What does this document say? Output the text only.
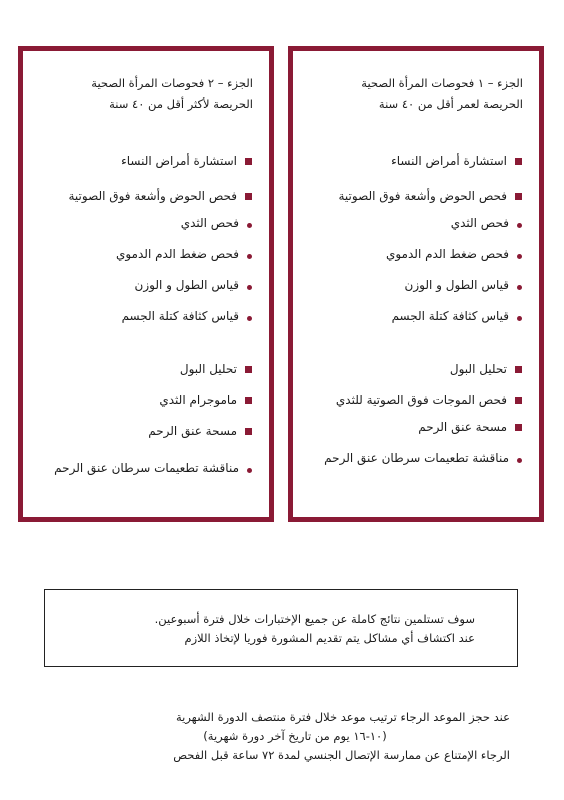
الجزء – ١ فحوصات المرأة الصحية
الحريصة لعمر أقل من ٤٠ سنة
استشارة أمراض النساء
فحص الحوض وأشعة فوق الصوتية
فحص الثدي
فحص ضغط الدم الدموي
قياس الطول و الوزن
قياس كثافة كتلة الجسم
تحليل البول
فحص الموجات فوق الصوتية للثدي
مسحة عنق الرحم
مناقشة تطعيمات سرطان عنق الرحم
الجزء – ٢ فحوصات المرأة الصحية
الحريصة لأكثر أقل من ٤٠ سنة
استشارة أمراض النساء
فحص الحوض وأشعة فوق الصوتية
فحص الثدي
فحص ضغط الدم الدموي
قياس الطول و الوزن
قياس كثافة كتلة الجسم
تحليل البول
ماموجرام الثدي
مسحة عنق الرحم
مناقشة تطعيمات سرطان عنق الرحم
سوف تستلمين نتائج كاملة عن جميع الإختبارات خلال فترة أسبوعين.
عند اكتشاف أي مشاكل يتم تقديم المشورة فوريا لإتخاذ اللازم
عند حجز الموعد الرجاء ترتيب موعد خلال فترة منتصف الدورة الشهرية
(١٠-١٦ يوم من تاريخ آخر دورة شهرية)
الرجاء الإمتناع عن ممارسة الإتصال الجنسي لمدة ٧٢ ساعة قبل الفحص
